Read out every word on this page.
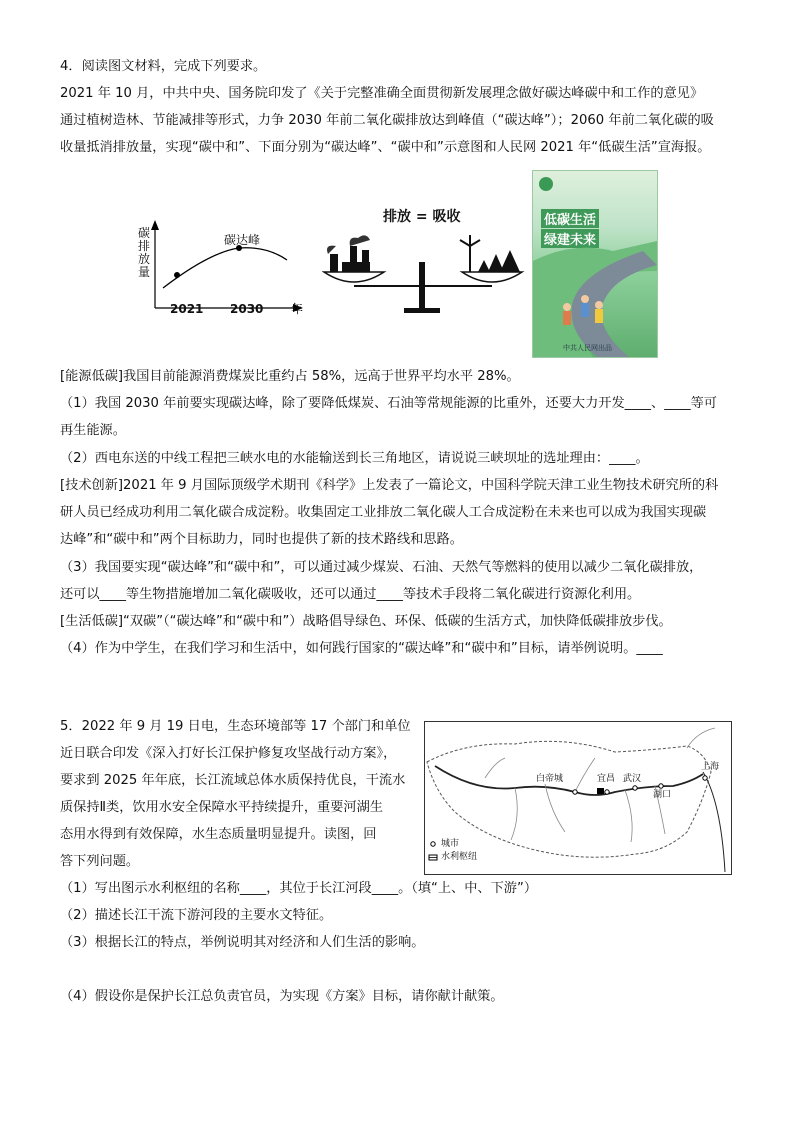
4．阅读图文材料，完成下列要求。
2021 年 10 月，中共中央、国务院印发了《关于完整准确全面贯彻新发展理念做好碳达峰碳中和工作的意见》
通过植树造林、节能减排等形式，力争 2030 年前二氧化碳排放达到峰值（“碳达峰”）；2060 年前二氧化碳的吸
收量抵消排放量，实现“碳中和”、下面分别为“碳达峰”、“碳中和”示意图和人民网 2021 年“低碳生活”宣海报。
碳
排
放
量
碳达峰
2021 2030 年
排放 = 吸收	低碳生活
绿建未来
中共人民网出品
[能源低碳]我国目前能源消费煤炭比重约占 58%，远高于世界平均水平 28%。
（1）我国 2030 年前要实现碳达峰，除了要降低煤炭、石油等常规能源的比重外，还要大力开发____、____等可
再生能源。
（2）西电东送的中线工程把三峡水电的水能输送到长三角地区，请说说三峡坝址的选址理由：____。
[技术创新]2021 年 9 月国际顶级学术期刊《科学》上发表了一篇论文，中国科学院天津工业生物技术研究所的科
研人员已经成功利用二氧化碳合成淀粉。收集固定工业排放二氧化碳人工合成淀粉在未来也可以成为我国实现碳
达峰”和“碳中和”两个目标助力，同时也提供了新的技术路线和思路。
（3）我国要实现“碳达峰”和“碳中和”，可以通过减少煤炭、石油、天然气等燃料的使用以减少二氧化碳排放，
还可以____等生物措施增加二氧化碳吸收，还可以通过____等技术手段将二氧化碳进行资源化利用。
[生活低碳]“双碳”（“碳达峰”和“碳中和”）战略倡导绿色、环保、低碳的生活方式，加快降低碳排放步伐。
（4）作为中学生，在我们学习和生活中，如何践行国家的“碳达峰”和“碳中和”目标，请举例说明。____
5．2022 年 9 月 19 日电，生态环境部等 17 个部门和单位
近日联合印发《深入打好长江保护修复攻坚战行动方案》，
要求到 2025 年年底，长江流域总体水质保持优良，干流水
质保持Ⅱ类，饮用水安全保障水平持续提升，重要河湖生
态用水得到有效保障，水生态质量明显提升。读图，回
答下列问题。
白帝城	宜昌 武汉
湖口
上海
城市
水利枢纽
（1）写出图示水利枢纽的名称____，其位于长江河段____。（填“上、中、下游”）
（2）描述长江干流下游河段的主要水文特征。
（3）根据长江的特点，举例说明其对经济和人们生活的影响。
（4）假设你是保护长江总负责官员，为实现《方案》目标，请你献计献策。
